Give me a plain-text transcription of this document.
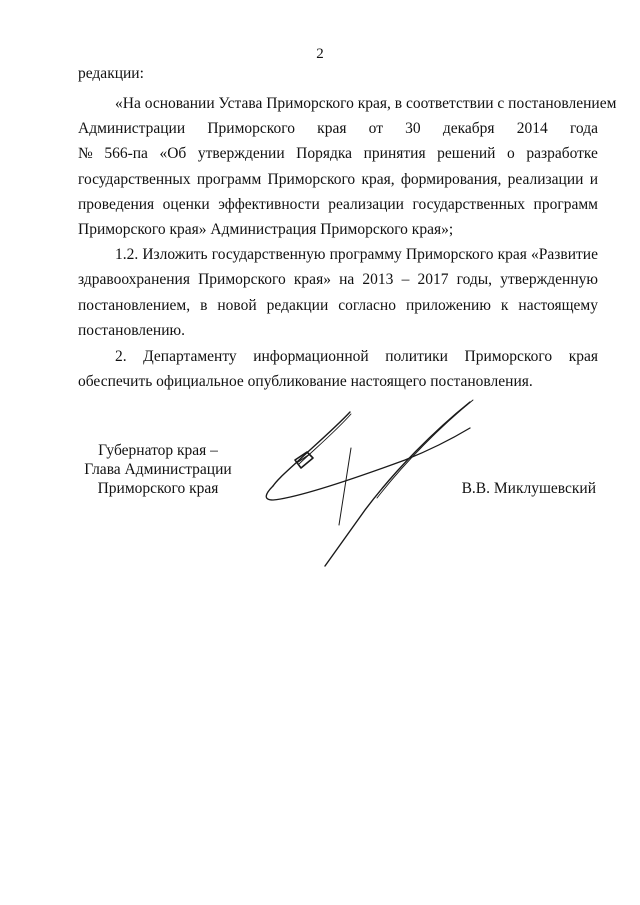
2
редакции:
«На основании Устава Приморского края, в соответствии с постановлением
Администрации Приморского края от 30 декабря 2014 года
№ 566-па «Об утверждении Порядка принятия решений о разработке
государственных программ Приморского края, формирования, реализации и
проведения оценки эффективности реализации государственных программ
Приморского края» Администрация Приморского края»;
1.2. Изложить государственную программу Приморского края «Развитие
здравоохранения Приморского края» на 2013 – 2017 годы, утвержденную
постановлением, в новой редакции согласно приложению к настоящему
постановлению.
2. Департаменту информационной политики Приморского края
обеспечить официальное опубликование настоящего постановления.
Губернатор края –
Глава Администрации
Приморского края	В.В. Миклушевский
